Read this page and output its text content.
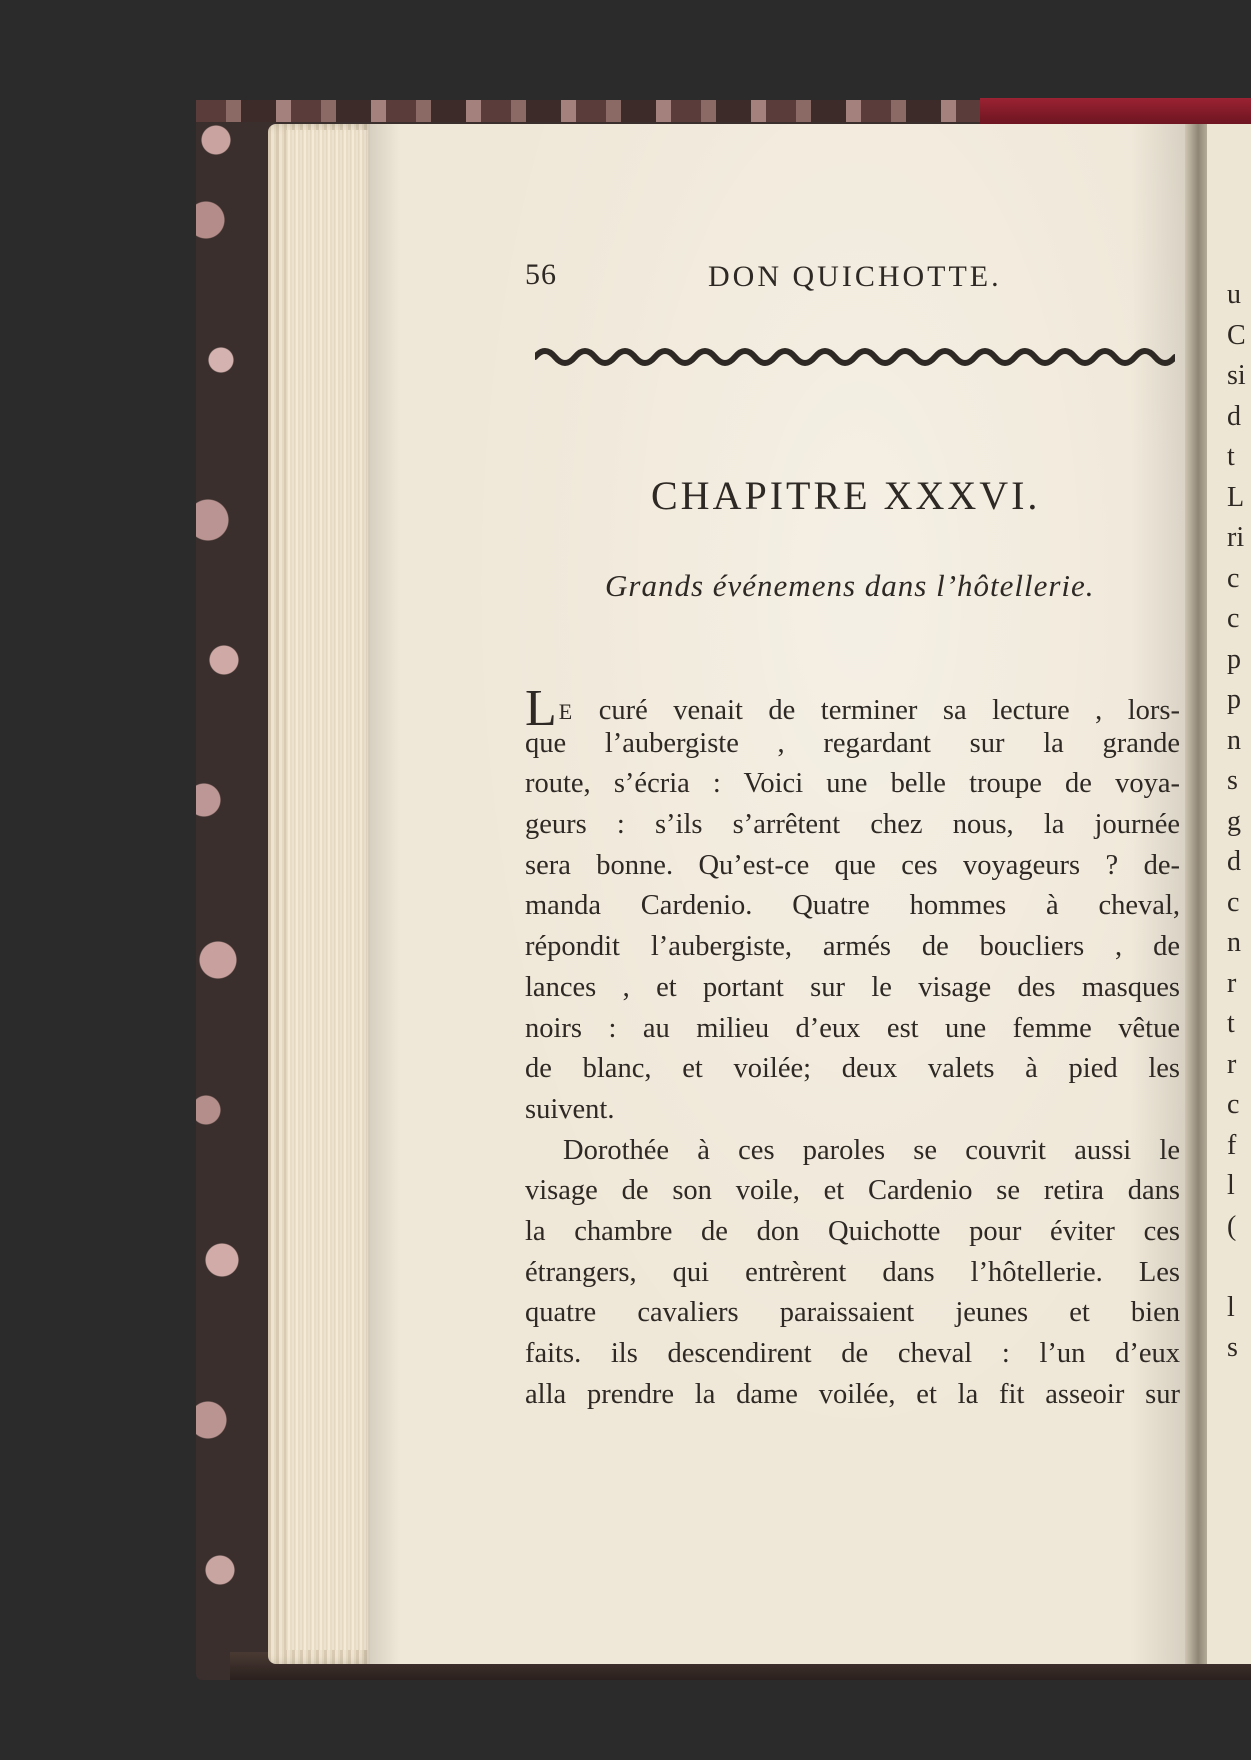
u
C
si
d
t
L
ri
c
c
p
p
n
s
g
d
c
n
r
t
r
c
f
l
(
l
s
56	DON QUICHOTTE.
CHAPITRE XXXVI.
Grands événemens dans l’hôtellerie.
LE curé venait de terminer sa lecture , lors-
que l’aubergiste , regardant sur la grande
route, s’écria : Voici une belle troupe de voya-
geurs : s’ils s’arrêtent chez nous, la journée
sera bonne. Qu’est-ce que ces voyageurs ? de-
manda Cardenio. Quatre hommes à cheval,
répondit l’aubergiste, armés de boucliers , de
lances , et portant sur le visage des masques
noirs : au milieu d’eux est une femme vêtue
de blanc, et voilée; deux valets à pied les
suivent.
Dorothée à ces paroles se couvrit aussi le
visage de son voile, et Cardenio se retira dans
la chambre de don Quichotte pour éviter ces
étrangers, qui entrèrent dans l’hôtellerie. Les
quatre cavaliers paraissaient jeunes et bien
faits. ils descendirent de cheval : l’un d’eux
alla prendre la dame voilée, et la fit asseoir sur
